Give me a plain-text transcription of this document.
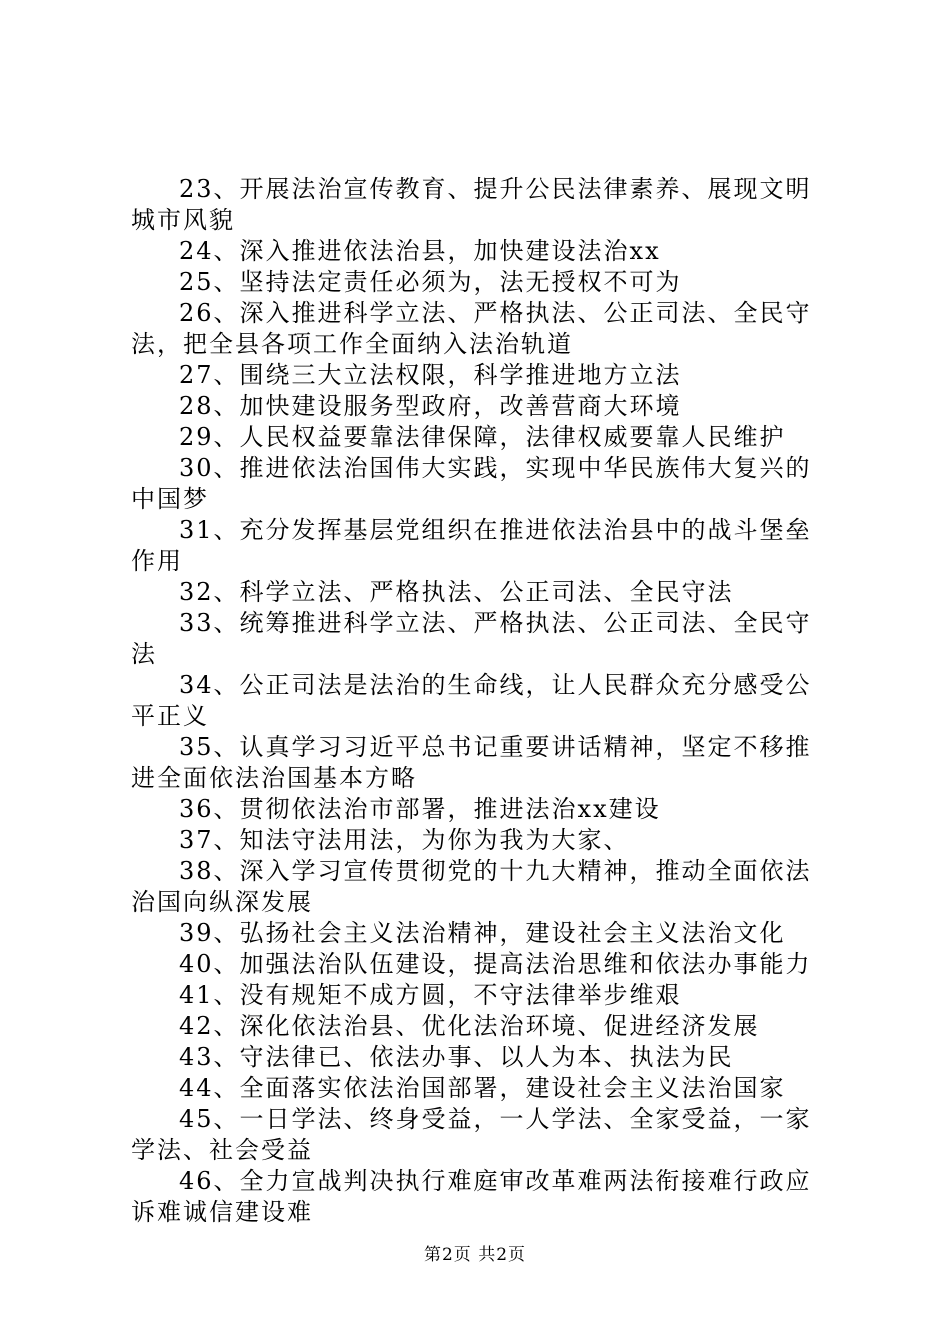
23、开展法治宣传教育、提升公民法律素养、展现文明城市风貌

24、深入推进依法治县，加快建设法治xx

25、坚持法定责任必须为，法无授权不可为

26、深入推进科学立法、严格执法、公正司法、全民守法，把全县各项工作全面纳入法治轨道

27、围绕三大立法权限，科学推进地方立法

28、加快建设服务型政府，改善营商大环境

29、人民权益要靠法律保障，法律权威要靠人民维护

30、推进依法治国伟大实践，实现中华民族伟大复兴的中国梦

31、充分发挥基层党组织在推进依法治县中的战斗堡垒作用

32、科学立法、严格执法、公正司法、全民守法

33、统筹推进科学立法、严格执法、公正司法、全民守法

34、公正司法是法治的生命线，让人民群众充分感受公平正义

35、认真学习习近平总书记重要讲话精神，坚定不移推进全面依法治国基本方略

36、贯彻依法治市部署，推进法治xx建设

37、知法守法用法，为你为我为大家、

38、深入学习宣传贯彻党的十九大精神，推动全面依法治国向纵深发展

39、弘扬社会主义法治精神，建设社会主义法治文化

40、加强法治队伍建设，提高法治思维和依法办事能力

41、没有规矩不成方圆，不守法律举步维艰

42、深化依法治县、优化法治环境、促进经济发展

43、守法律已、依法办事、以人为本、执法为民

44、全面落实依法治国部署，建设社会主义法治国家

45、一日学法、终身受益，一人学法、全家受益，一家学法、社会受益

46、全力宣战判决执行难庭审改革难两法衔接难行政应诉难诚信建设难

第2页 共2页
